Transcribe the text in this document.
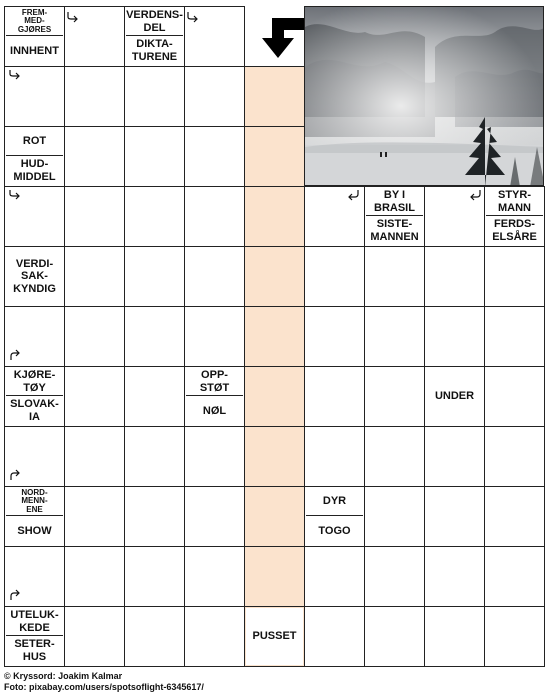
FREM-
MED-
GJØRES
INNHENT
VERDENS-
DEL
DIKTA-
TURENE
ROT
HUD-
MIDDEL
BY I
BRASIL
SISTE-
MANNEN
STYR-
MANN
FERDS-
ELSÅRE
VERDI-
SAK-
KYNDIG
KJØRE-
TØY
SLOVAK-
IA
OPP-
STØT
NØL
UNDER
NORD-
MENN-
ENE
SHOW
DYR
TOGO
UTELUK-
KEDE
SETER-
HUS
PUSSET
© Kryssord: Joakim Kalmar
Foto: pixabay.com/users/spotsoflight-6345617/
